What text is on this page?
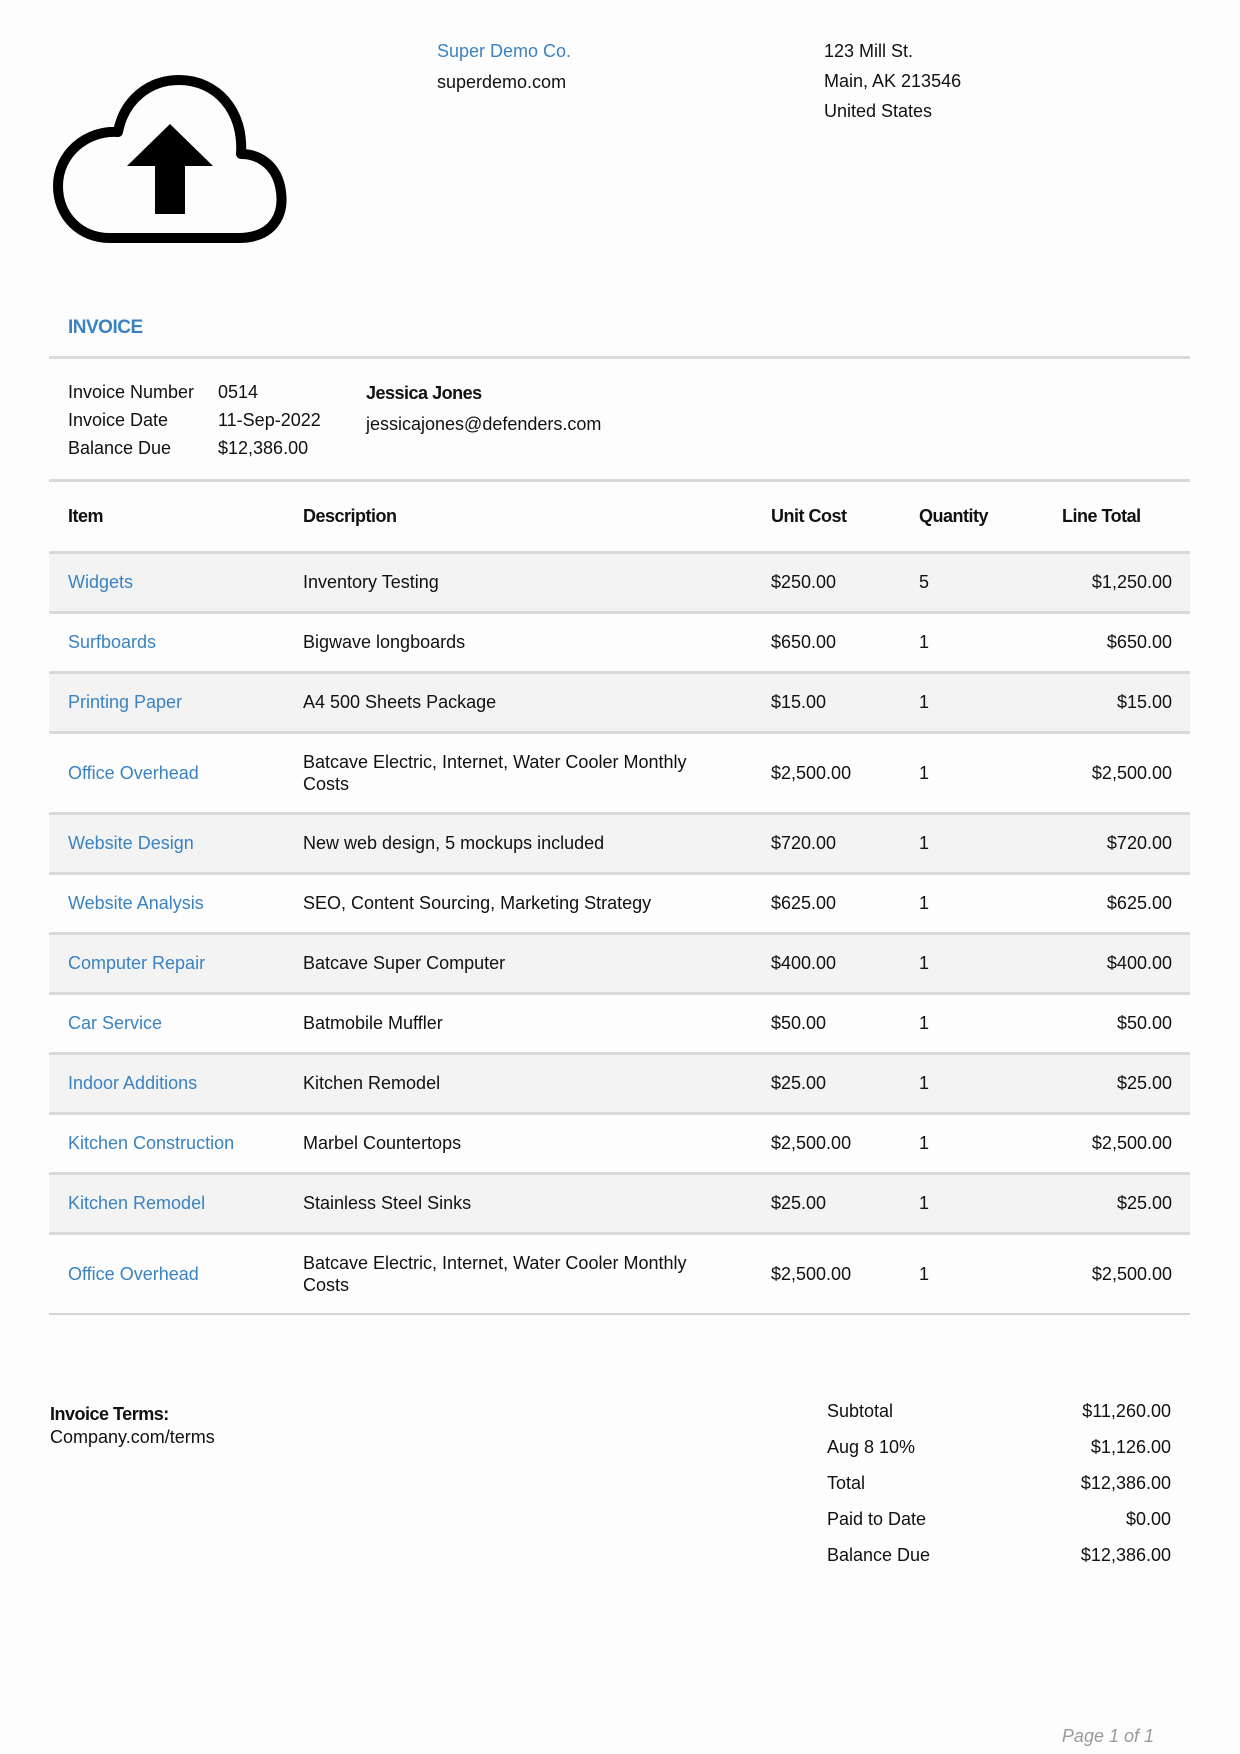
Super Demo Co.
superdemo.com
123 Mill St.
Main, AK 213546
United States
INVOICE
Invoice Number	0514
Invoice Date	11-Sep-2022
Balance Due	$12,386.00
Jessica Jones
jessicajones@defenders.com
Item	Description	Unit Cost	Quantity	Line Total
Widgets	Inventory Testing	$250.00	5	$1,250.00
Surfboards	Bigwave longboards	$650.00	1	$650.00
Printing Paper	A4 500 Sheets Package	$15.00	1	$15.00
Office Overhead	Batcave Electric, Internet, Water Cooler Monthly Costs	$2,500.00	1	$2,500.00
Website Design	New web design, 5 mockups included	$720.00	1	$720.00
Website Analysis	SEO, Content Sourcing, Marketing Strategy	$625.00	1	$625.00
Computer Repair	Batcave Super Computer	$400.00	1	$400.00
Car Service	Batmobile Muffler	$50.00	1	$50.00
Indoor Additions	Kitchen Remodel	$25.00	1	$25.00
Kitchen Construction	Marbel Countertops	$2,500.00	1	$2,500.00
Kitchen Remodel	Stainless Steel Sinks	$25.00	1	$25.00
Office Overhead	Batcave Electric, Internet, Water Cooler Monthly Costs	$2,500.00	1	$2,500.00
Invoice Terms:
Company.com/terms
Subtotal	$11,260.00
Aug 8 10%	$1,126.00
Total	$12,386.00
Paid to Date	$0.00
Balance Due	$12,386.00
Page 1 of 1
